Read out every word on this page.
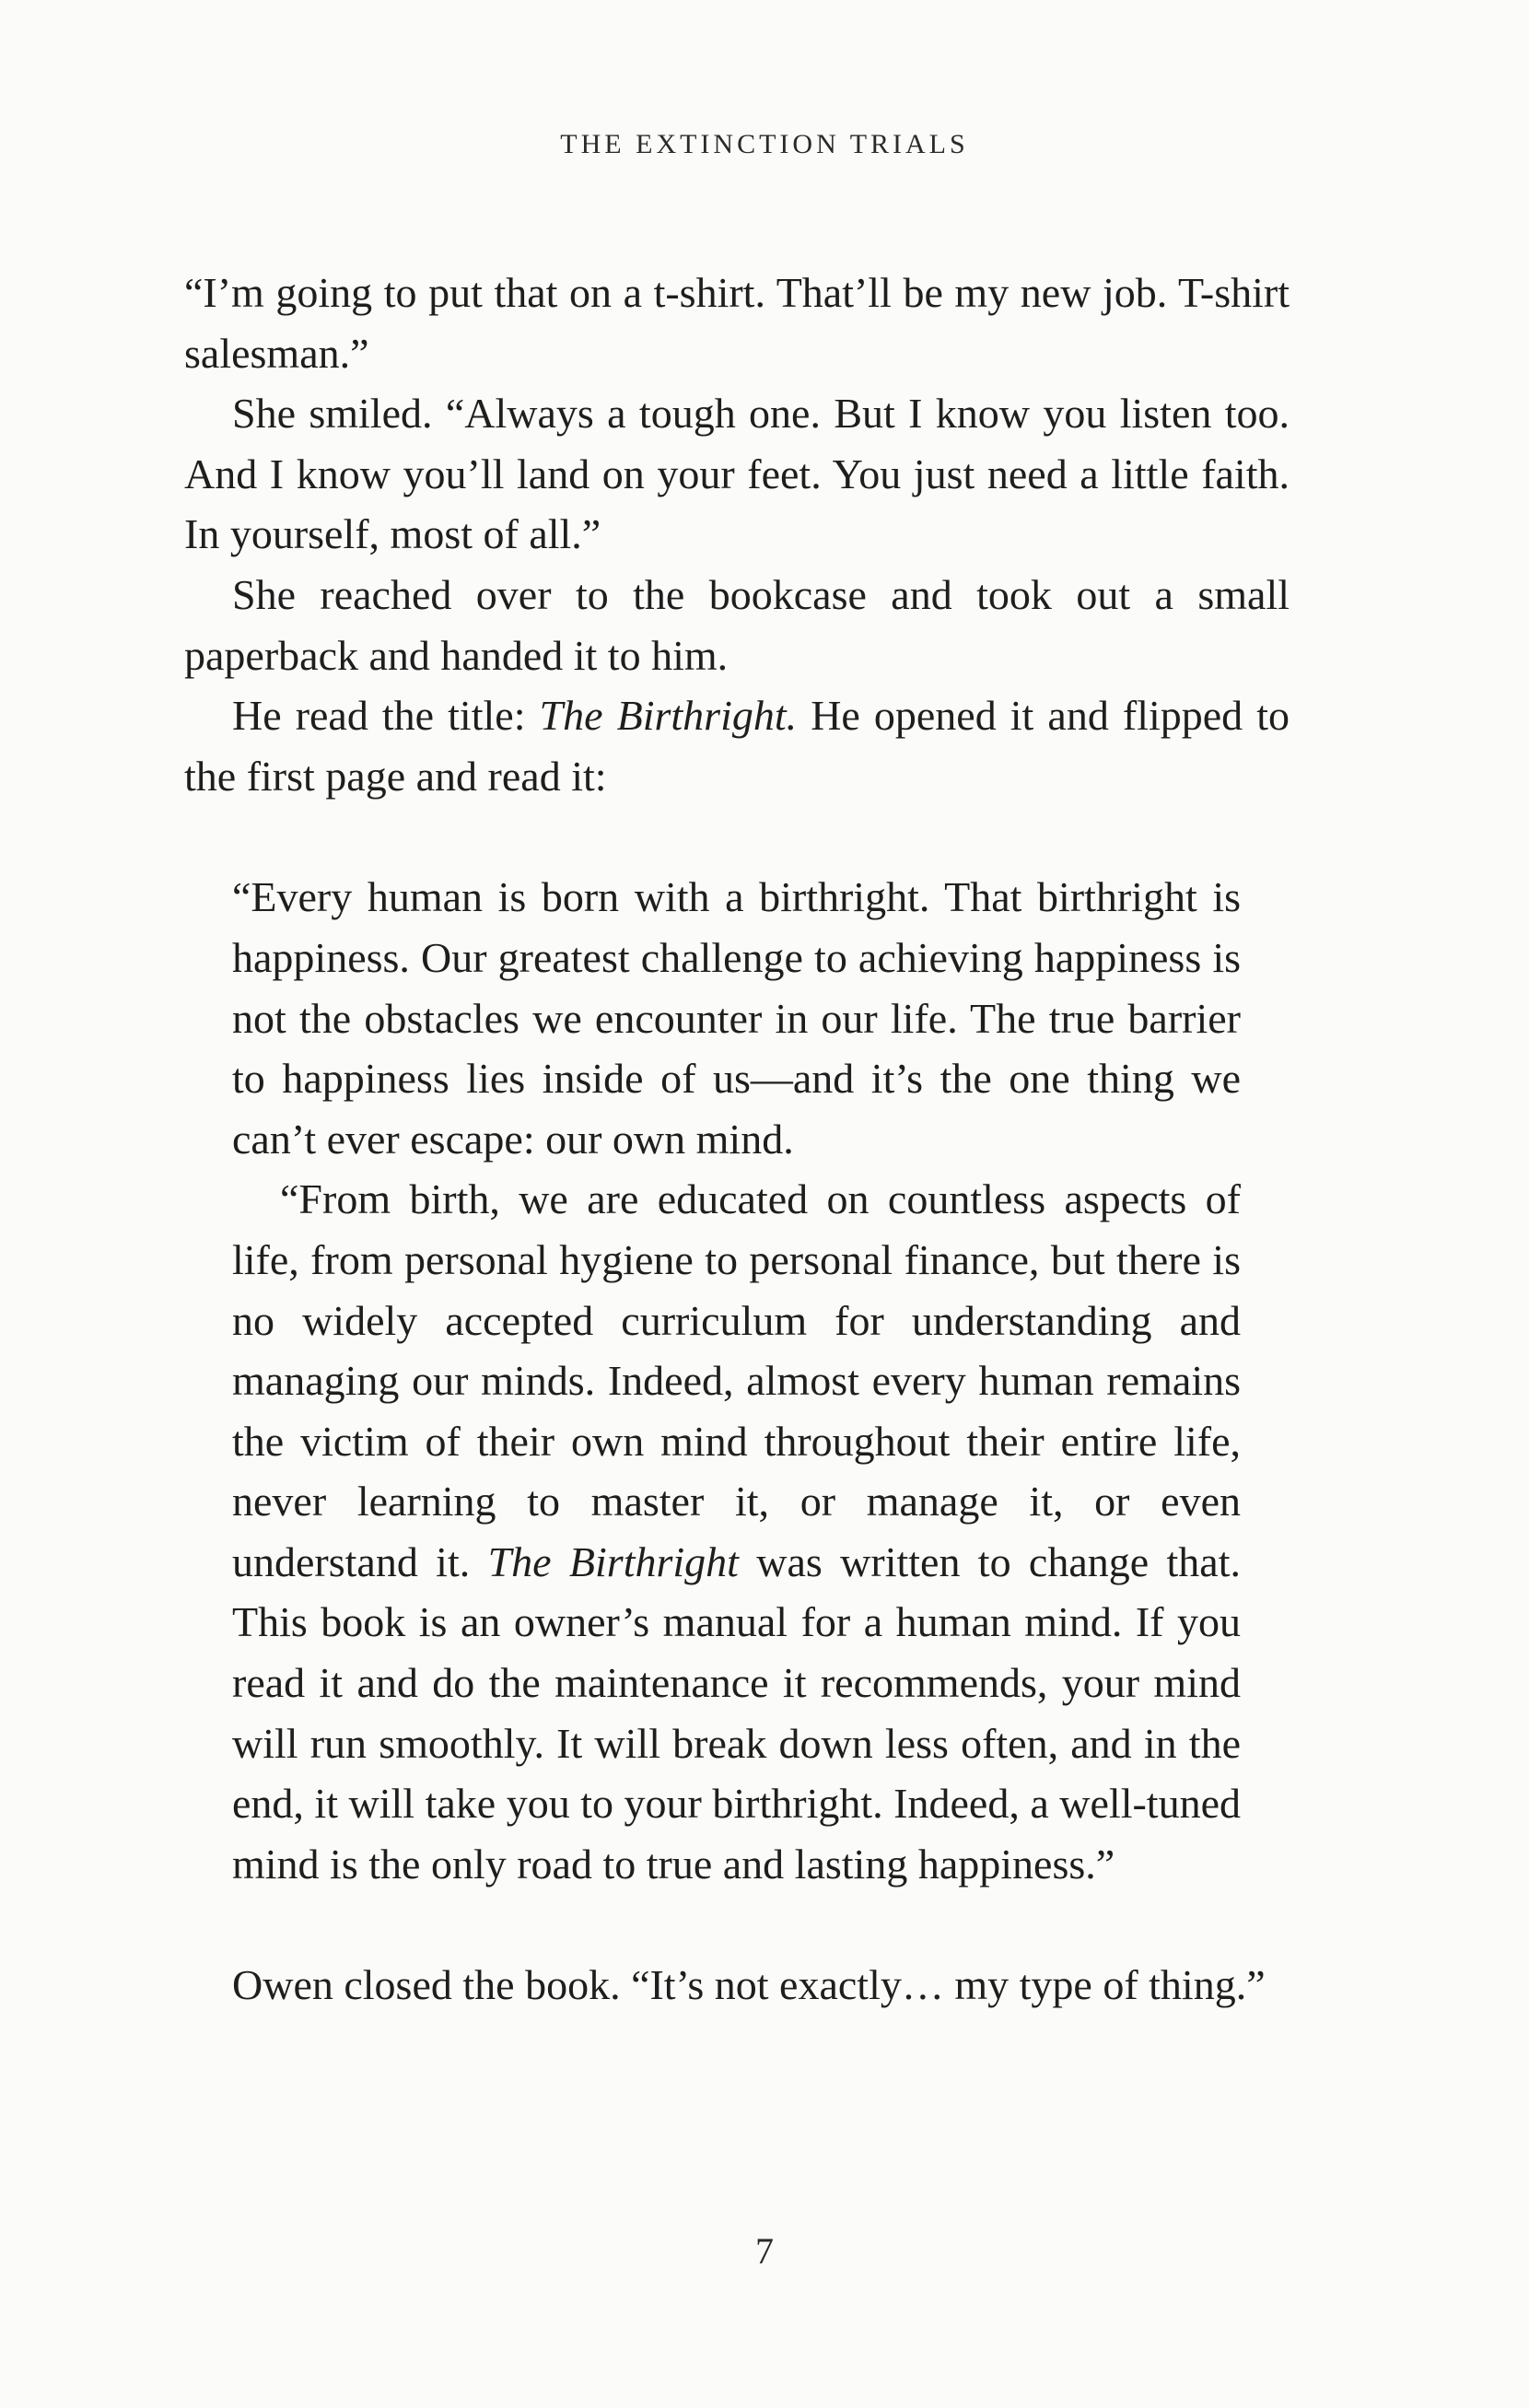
THE EXTINCTION TRIALS

“I’m going to put that on a t-shirt. That’ll be my new job. T-shirt salesman.”

She smiled. “Always a tough one. But I know you listen too. And I know you’ll land on your feet. You just need a little faith. In yourself, most of all.”

She reached over to the bookcase and took out a small paperback and handed it to him.

He read the title: The Birthright. He opened it and flipped to the first page and read it:

“Every human is born with a birthright. That birthright is happiness. Our greatest challenge to achieving happiness is not the obstacles we encounter in our life. The true barrier to happiness lies inside of us—and it’s the one thing we can’t ever escape: our own mind.

“From birth, we are educated on countless aspects of life, from personal hygiene to personal finance, but there is no widely accepted curriculum for understanding and managing our minds. Indeed, almost every human remains the victim of their own mind throughout their entire life, never learning to master it, or manage it, or even understand it. The Birthright was written to change that. This book is an owner’s manual for a human mind. If you read it and do the maintenance it recommends, your mind will run smoothly. It will break down less often, and in the end, it will take you to your birthright. Indeed, a well-tuned mind is the only road to true and lasting happiness.”

Owen closed the book. “It’s not exactly… my type of thing.”

7
